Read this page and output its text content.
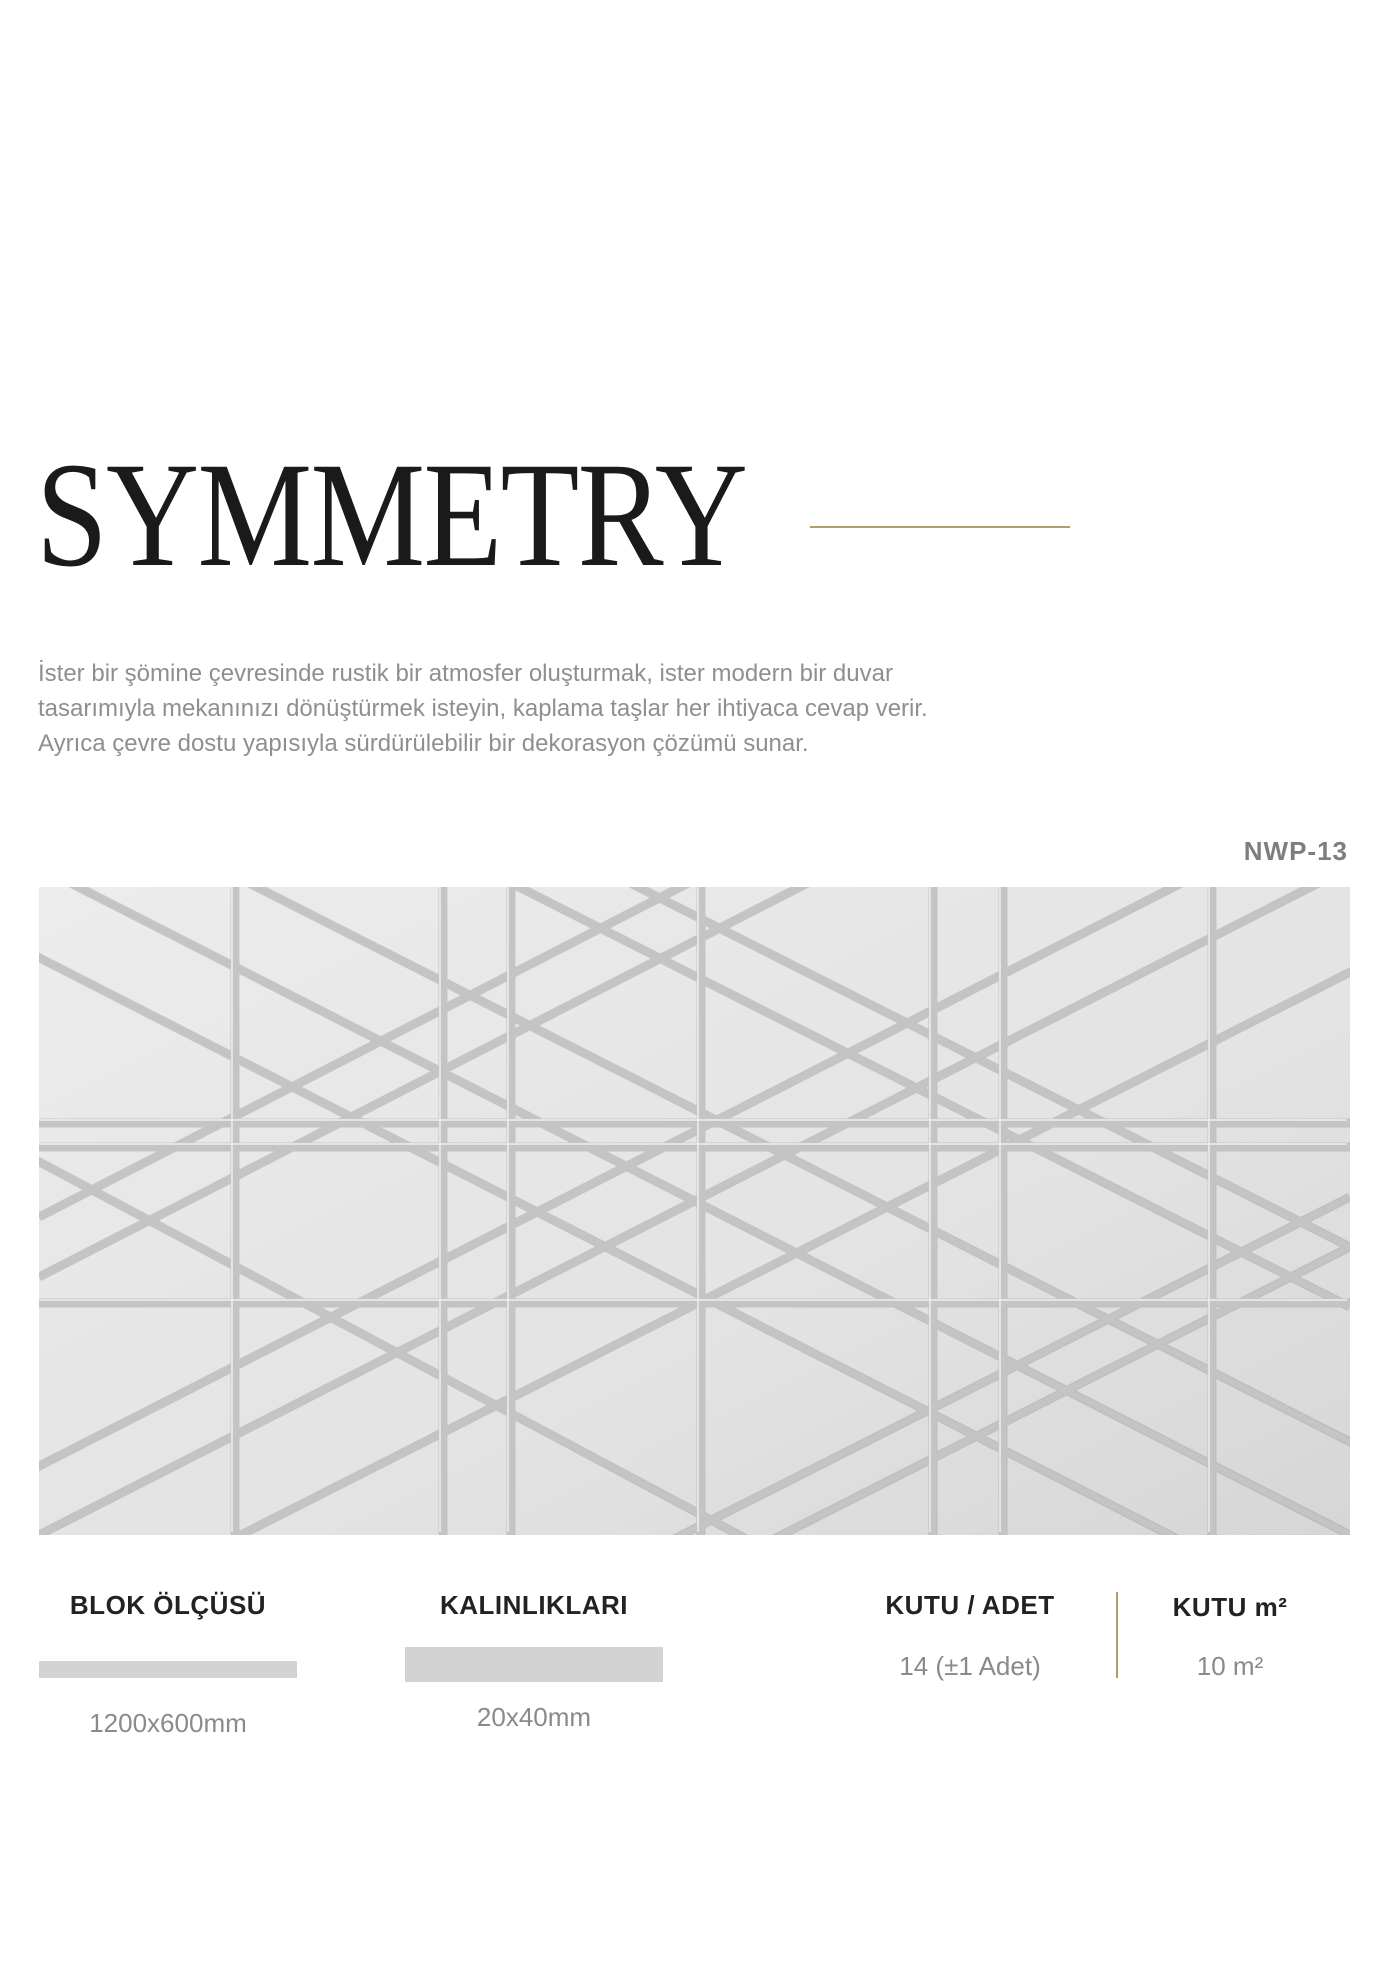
SYMMETRY

İster bir şömine çevresinde rustik bir atmosfer oluşturmak, ister modern bir duvar
tasarımıyla mekanınızı dönüştürmek isteyin, kaplama taşlar her ihtiyaca cevap verir.
Ayrıca çevre dostu yapısıyla sürdürülebilir bir dekorasyon çözümü sunar.

NWP-13
BLOK ÖLÇÜSÜ
1200x600mm
KALINLIKLARI
20x40mm
KUTU / ADET
14 (±1 Adet)
KUTU m²
10 m²
